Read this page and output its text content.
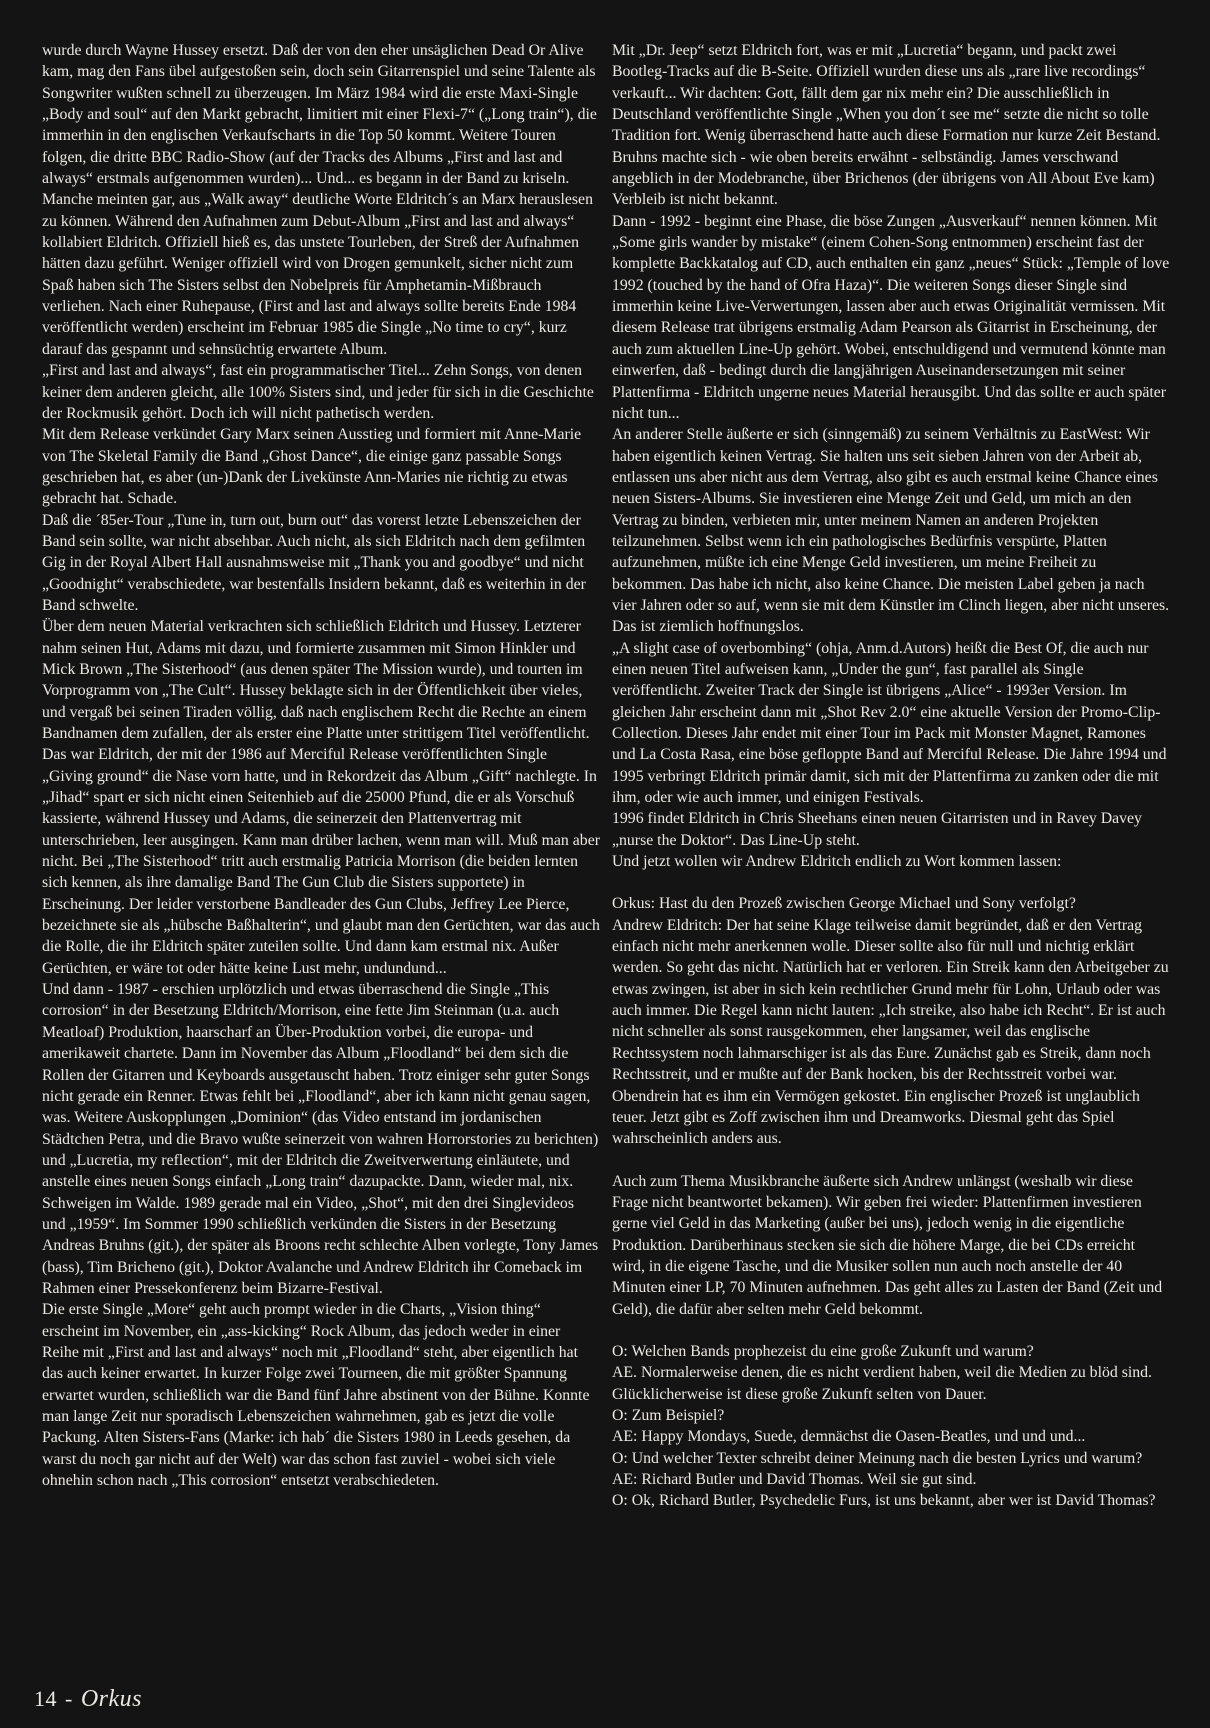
wurde durch Wayne Hussey ersetzt. Daß der von den eher unsäglichen Dead Or Alive kam, mag den Fans übel aufgestoßen sein, doch sein Gitarrenspiel und seine Talente als Songwriter wußten schnell zu überzeugen. Im März 1984 wird die erste Maxi-Single „Body and soul“ auf den Markt gebracht, limitiert mit einer Flexi-7“ („Long train“), die immerhin in den englischen Verkaufscharts in die Top 50 kommt. Weitere Touren folgen, die dritte BBC Radio-Show (auf der Tracks des Albums „First and last and always“ erstmals aufgenommen wurden)... Und... es begann in der Band zu kriseln. Manche meinten gar, aus „Walk away“ deutliche Worte Eldritch´s an Marx herauslesen zu können. Während den Aufnahmen zum Debut-Album „First and last and always“ kollabiert Eldritch. Offiziell hieß es, das unstete Tourleben, der Streß der Aufnahmen hätten dazu geführt. Weniger offiziell wird von Drogen gemunkelt, sicher nicht zum Spaß haben sich The Sisters selbst den Nobelpreis für Amphetamin-Mißbrauch verliehen. Nach einer Ruhepause, (First and last and always sollte bereits Ende 1984 veröffentlicht werden) erscheint im Februar 1985 die Single „No time to cry“, kurz darauf das gespannt und sehnsüchtig erwartete Album.

„First and last and always“, fast ein programmatischer Titel... Zehn Songs, von denen keiner dem anderen gleicht, alle 100% Sisters sind, und jeder für sich in die Geschichte der Rockmusik gehört. Doch ich will nicht pathetisch werden.

Mit dem Release verkündet Gary Marx seinen Ausstieg und formiert mit Anne-Marie von The Skeletal Family die Band „Ghost Dance“, die einige ganz passable Songs geschrieben hat, es aber (un-)Dank der Livekünste Ann-Maries nie richtig zu etwas gebracht hat. Schade.

Daß die ´85er-Tour „Tune in, turn out, burn out“ das vorerst letzte Lebenszeichen der Band sein sollte, war nicht absehbar. Auch nicht, als sich Eldritch nach dem gefilmten Gig in der Royal Albert Hall ausnahmsweise mit „Thank you and goodbye“ und nicht „Goodnight“ verabschiedete, war bestenfalls Insidern bekannt, daß es weiterhin in der Band schwelte.

Über dem neuen Material verkrachten sich schließlich Eldritch und Hussey. Letzterer nahm seinen Hut, Adams mit dazu, und formierte zusammen mit Simon Hinkler und Mick Brown „The Sisterhood“ (aus denen später The Mission wurde), und tourten im Vorprogramm von „The Cult“. Hussey beklagte sich in der Öffentlichkeit über vieles, und vergaß bei seinen Tiraden völlig, daß nach englischem Recht die Rechte an einem Bandnamen dem zufallen, der als erster eine Platte unter strittigem Titel veröffentlicht. Das war Eldritch, der mit der 1986 auf Merciful Release veröffentlichten Single „Giving ground“ die Nase vorn hatte, und in Rekordzeit das Album „Gift“ nachlegte. In „Jihad“ spart er sich nicht einen Seitenhieb auf die 25000 Pfund, die er als Vorschuß kassierte, während Hussey und Adams, die seinerzeit den Plattenvertrag mit unterschrieben, leer ausgingen. Kann man drüber lachen, wenn man will. Muß man aber nicht. Bei „The Sisterhood“ tritt auch erstmalig Patricia Morrison (die beiden lernten sich kennen, als ihre damalige Band The Gun Club die Sisters supportete) in Erscheinung. Der leider verstorbene Bandleader des Gun Clubs, Jeffrey Lee Pierce, bezeichnete sie als „hübsche Baßhalterin“, und glaubt man den Gerüchten, war das auch die Rolle, die ihr Eldritch später zuteilen sollte. Und dann kam erstmal nix. Außer Gerüchten, er wäre tot oder hätte keine Lust mehr, undundund...

Und dann - 1987 - erschien urplötzlich und etwas überraschend die Single „This corrosion“ in der Besetzung Eldritch/Morrison, eine fette Jim Steinman (u.a. auch Meatloaf) Produktion, haarscharf an Über-Produktion vorbei, die europa- und amerikaweit chartete. Dann im November das Album „Floodland“ bei dem sich die Rollen der Gitarren und Keyboards ausgetauscht haben. Trotz einiger sehr guter Songs nicht gerade ein Renner. Etwas fehlt bei „Floodland“, aber ich kann nicht genau sagen, was. Weitere Auskopplungen „Dominion“ (das Video entstand im jordanischen Städtchen Petra, und die Bravo wußte seinerzeit von wahren Horrorstories zu berichten) und „Lucretia, my reflection“, mit der Eldritch die Zweitverwertung einläutete, und anstelle eines neuen Songs einfach „Long train“ dazupackte. Dann, wieder mal, nix. Schweigen im Walde. 1989 gerade mal ein Video, „Shot“, mit den drei Singlevideos und „1959“. Im Sommer 1990 schließlich verkünden die Sisters in der Besetzung Andreas Bruhns (git.), der später als Broons recht schlechte Alben vorlegte, Tony James (bass), Tim Bricheno (git.), Doktor Avalanche und Andrew Eldritch ihr Comeback im Rahmen einer Pressekonferenz beim Bizarre-Festival.

Die erste Single „More“ geht auch prompt wieder in die Charts, „Vision thing“ erscheint im November, ein „ass-kicking“ Rock Album, das jedoch weder in einer Reihe mit „First and last and always“ noch mit „Floodland“ steht, aber eigentlich hat das auch keiner erwartet. In kurzer Folge zwei Tourneen, die mit größter Spannung erwartet wurden, schließlich war die Band fünf Jahre abstinent von der Bühne. Konnte man lange Zeit nur sporadisch Lebenszeichen wahrnehmen, gab es jetzt die volle Packung. Alten Sisters-Fans (Marke: ich hab´ die Sisters 1980 in Leeds gesehen, da warst du noch gar nicht auf der Welt) war das schon fast zuviel - wobei sich viele ohnehin schon nach „This corrosion“ entsetzt verabschiedeten.

Mit „Dr. Jeep“ setzt Eldritch fort, was er mit „Lucretia“ begann, und packt zwei Bootleg-Tracks auf die B-Seite. Offiziell wurden diese uns als „rare live recordings“ verkauft... Wir dachten: Gott, fällt dem gar nix mehr ein? Die ausschließlich in Deutschland veröffentlichte Single „When you don´t see me“ setzte die nicht so tolle Tradition fort. Wenig überraschend hatte auch diese Formation nur kurze Zeit Bestand. Bruhns machte sich - wie oben bereits erwähnt - selbständig. James verschwand angeblich in der Modebranche, über Brichenos (der übrigens von All About Eve kam) Verbleib ist nicht bekannt.

Dann - 1992 - beginnt eine Phase, die böse Zungen „Ausverkauf“ nennen können. Mit „Some girls wander by mistake“ (einem Cohen-Song entnommen) erscheint fast der komplette Backkatalog auf CD, auch enthalten ein ganz „neues“ Stück: „Temple of love 1992 (touched by the hand of Ofra Haza)“. Die weiteren Songs dieser Single sind immerhin keine Live-Verwertungen, lassen aber auch etwas Originalität vermissen. Mit diesem Release trat übrigens erstmalig Adam Pearson als Gitarrist in Erscheinung, der auch zum aktuellen Line-Up gehört. Wobei, entschuldigend und vermutend könnte man einwerfen, daß - bedingt durch die langjährigen Auseinandersetzungen mit seiner Plattenfirma - Eldritch ungerne neues Material herausgibt. Und das sollte er auch später nicht tun...

An anderer Stelle äußerte er sich (sinngemäß) zu seinem Verhältnis zu EastWest: Wir haben eigentlich keinen Vertrag. Sie halten uns seit sieben Jahren von der Arbeit ab, entlassen uns aber nicht aus dem Vertrag, also gibt es auch erstmal keine Chance eines neuen Sisters-Albums. Sie investieren eine Menge Zeit und Geld, um mich an den Vertrag zu binden, verbieten mir, unter meinem Namen an anderen Projekten teilzunehmen. Selbst wenn ich ein pathologisches Bedürfnis verspürte, Platten aufzunehmen, müßte ich eine Menge Geld investieren, um meine Freiheit zu bekommen. Das habe ich nicht, also keine Chance. Die meisten Label geben ja nach vier Jahren oder so auf, wenn sie mit dem Künstler im Clinch liegen, aber nicht unseres. Das ist ziemlich hoffnungslos.

„A slight case of overbombing“ (ohja, Anm.d.Autors) heißt die Best Of, die auch nur einen neuen Titel aufweisen kann, „Under the gun“, fast parallel als Single veröffentlicht. Zweiter Track der Single ist übrigens „Alice“ - 1993er Version. Im gleichen Jahr erscheint dann mit „Shot Rev 2.0“ eine aktuelle Version der Promo-Clip-Collection. Dieses Jahr endet mit einer Tour im Pack mit Monster Magnet, Ramones und La Costa Rasa, eine böse gefloppte Band auf Merciful Release. Die Jahre 1994 und 1995 verbringt Eldritch primär damit, sich mit der Plattenfirma zu zanken oder die mit ihm, oder wie auch immer, und einigen Festivals.

1996 findet Eldritch in Chris Sheehans einen neuen Gitarristen und in Ravey Davey „nurse the Doktor“. Das Line-Up steht.

Und jetzt wollen wir Andrew Eldritch endlich zu Wort kommen lassen:

Orkus: Hast du den Prozeß zwischen George Michael und Sony verfolgt?

Andrew Eldritch: Der hat seine Klage teilweise damit begründet, daß er den Vertrag einfach nicht mehr anerkennen wolle. Dieser sollte also für null und nichtig erklärt werden. So geht das nicht. Natürlich hat er verloren. Ein Streik kann den Arbeitgeber zu etwas zwingen, ist aber in sich kein rechtlicher Grund mehr für Lohn, Urlaub oder was auch immer. Die Regel kann nicht lauten: „Ich streike, also habe ich Recht“. Er ist auch nicht schneller als sonst rausgekommen, eher langsamer, weil das englische Rechtssystem noch lahmarschiger ist als das Eure. Zunächst gab es Streik, dann noch Rechtsstreit, und er mußte auf der Bank hocken, bis der Rechtsstreit vorbei war. Obendrein hat es ihm ein Vermögen gekostet. Ein englischer Prozeß ist unglaublich teuer. Jetzt gibt es Zoff zwischen ihm und Dreamworks. Diesmal geht das Spiel wahrscheinlich anders aus.

Auch zum Thema Musikbranche äußerte sich Andrew unlängst (weshalb wir diese Frage nicht beantwortet bekamen). Wir geben frei wieder: Plattenfirmen investieren gerne viel Geld in das Marketing (außer bei uns), jedoch wenig in die eigentliche Produktion. Darüberhinaus stecken sie sich die höhere Marge, die bei CDs erreicht wird, in die eigene Tasche, und die Musiker sollen nun auch noch anstelle der 40 Minuten einer LP, 70 Minuten aufnehmen. Das geht alles zu Lasten der Band (Zeit und Geld), die dafür aber selten mehr Geld bekommt.

O: Welchen Bands prophezeist du eine große Zukunft und warum?

AE. Normalerweise denen, die es nicht verdient haben, weil die Medien zu blöd sind. Glücklicherweise ist diese große Zukunft selten von Dauer.

O: Zum Beispiel?

AE: Happy Mondays, Suede, demnächst die Oasen-Beatles, und und und...

O: Und welcher Texter schreibt deiner Meinung nach die besten Lyrics und warum?

AE: Richard Butler und David Thomas. Weil sie gut sind.

O: Ok, Richard Butler, Psychedelic Furs, ist uns bekannt, aber wer ist David Thomas?

14 - Orkus
